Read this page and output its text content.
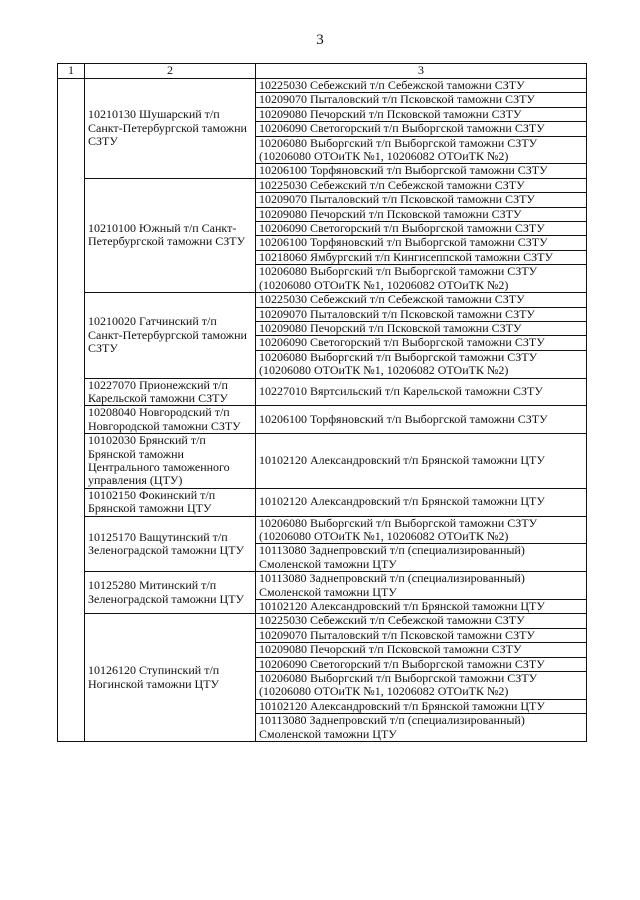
3
1	2	3
	10210130 Шушарский т/п Санкт-Петербургской таможни СЗТУ	10225030 Себежский т/п Себежской таможни СЗТУ
		10209070 Пыталовский т/п Псковской таможни СЗТУ
		10209080 Печорский т/п Псковской таможни СЗТУ
		10206090 Светогорский т/п Выборгской таможни СЗТУ
		10206080 Выборгский т/п Выборгской таможни СЗТУ (10206080 ОТОиТК №1, 10206082 ОТОиТК №2)
		10206100 Торфяновский т/п Выборгской таможни СЗТУ
	10210100 Южный т/п Санкт-Петербургской таможни СЗТУ	10225030 Себежский т/п Себежской таможни СЗТУ
		10209070 Пыталовский т/п Псковской таможни СЗТУ
		10209080 Печорский т/п Псковской таможни СЗТУ
		10206090 Светогорский т/п Выборгской таможни СЗТУ
		10206100 Торфяновский т/п Выборгской таможни СЗТУ
		10218060 Ямбургский т/п Кингисеппской таможни СЗТУ
		10206080 Выборгский т/п Выборгской таможни СЗТУ (10206080 ОТОиТК №1, 10206082 ОТОиТК №2)
	10210020 Гатчинский т/п Санкт-Петербургской таможни СЗТУ	10225030 Себежский т/п Себежской таможни СЗТУ
		10209070 Пыталовский т/п Псковской таможни СЗТУ
		10209080 Печорский т/п Псковской таможни СЗТУ
		10206090 Светогорский т/п Выборгской таможни СЗТУ
		10206080 Выборгский т/п Выборгской таможни СЗТУ (10206080 ОТОиТК №1, 10206082 ОТОиТК №2)
	10227070 Прионежский т/п Карельской таможни СЗТУ	10227010 Вяртсильский т/п Карельской таможни СЗТУ
	10208040 Новгородский т/п Новгородской таможни СЗТУ	10206100 Торфяновский т/п Выборгской таможни СЗТУ
	10102030 Брянский т/п Брянской таможни Центрального таможенного управления (ЦТУ)	10102120 Александровский т/п Брянской таможни ЦТУ
	10102150 Фокинский т/п Брянской таможни ЦТУ	10102120 Александровский т/п Брянской таможни ЦТУ
	10125170 Ващутинский т/п Зеленоградской таможни ЦТУ	10206080 Выборгский т/п Выборгской таможни СЗТУ (10206080 ОТОиТК №1, 10206082 ОТОиТК №2)
		10113080 Заднепровский т/п (специализированный) Смоленской таможни ЦТУ
	10125280 Митинский т/п Зеленоградской таможни ЦТУ	10113080 Заднепровский т/п (специализированный) Смоленской таможни ЦТУ
		10102120 Александровский т/п Брянской таможни ЦТУ
	10126120 Ступинский т/п Ногинской таможни ЦТУ	10225030 Себежский т/п Себежской таможни СЗТУ
		10209070 Пыталовский т/п Псковской таможни СЗТУ
		10209080 Печорский т/п Псковской таможни СЗТУ
		10206090 Светогорский т/п Выборгской таможни СЗТУ
		10206080 Выборгский т/п Выборгской таможни СЗТУ (10206080 ОТОиТК №1, 10206082 ОТОиТК №2)
		10102120 Александровский т/п Брянской таможни ЦТУ
		10113080 Заднепровский т/п (специализированный) Смоленской таможни ЦТУ
